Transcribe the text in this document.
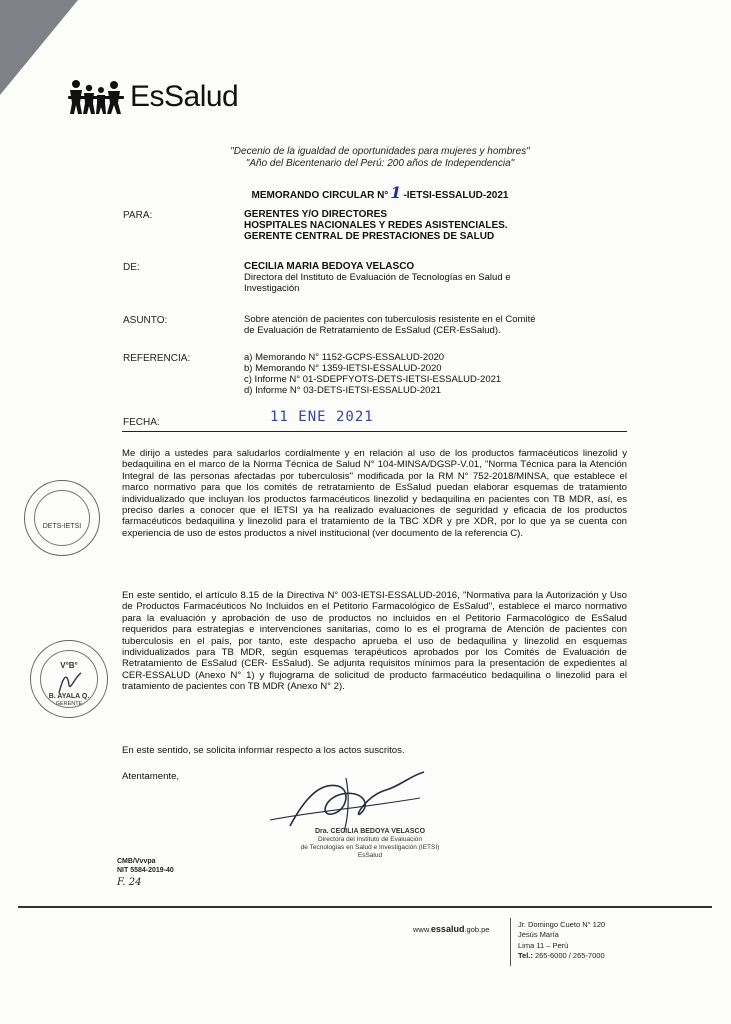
EsSalud
"Decenio de la igualdad de oportunidades para mujeres y hombres"
"Año del Bicentenario del Perú: 200 años de Independencia"
MEMORANDO CIRCULAR N° 1 -IETSI-ESSALUD-2021
PARA:	GERENTES Y/O DIRECTORES
HOSPITALES NACIONALES Y REDES ASISTENCIALES.
GERENTE CENTRAL DE PRESTACIONES DE SALUD
DE:	CECILIA MARIA BEDOYA VELASCO
Directora del Instituto de Evaluación de Tecnologías en Salud e
Investigación
ASUNTO:	Sobre atención de pacientes con tuberculosis resistente en el Comité
de Evaluación de Retratamiento de EsSalud (CER-EsSalud).
REFERENCIA:	a) Memorando N° 1152-GCPS-ESSALUD-2020
b) Memorando N° 1359-IETSI-ESSALUD-2020
c) Informe N° 01-SDEPFYOTS-DETS-IETSI-ESSALUD-2021
d) Informe N° 03-DETS-IETSI-ESSALUD-2021
FECHA:	11 ENE 2021
Me dirijo a ustedes para saludarlos cordialmente y en relación al uso de los productos farmacéuticos linezolid y bedaquilina en el marco de la Norma Técnica de Salud N° 104-MINSA/DGSP-V.01, "Norma Técnica para la Atención Integral de las personas afectadas por tuberculosis" modificada por la RM N° 752-2018/MINSA, que establece el marco normativo para que los comités de retratamiento de EsSalud puedan elaborar esquemas de tratamiento individualizado que incluyan los productos farmacéuticos linezolid y bedaquilina en pacientes con TB MDR, así, es preciso darles a conocer que el IETSI ya ha realizado evaluaciones de seguridad y eficacia de los productos farmacéuticos bedaquilina y linezolid para el tratamiento de la TBC XDR y pre XDR, por lo que ya se cuenta con experiencia de uso de estos productos a nivel institucional (ver documento de la referencia C).
En este sentido, el artículo 8.15 de la Directiva N° 003-IETSI-ESSALUD-2016, "Normativa para la Autorización y Uso de Productos Farmacéuticos No Incluidos en el Petitorio Farmacológico de EsSalud", establece el marco normativo para la evaluación y aprobación de uso de productos no incluidos en el Petitorio Farmacológico de EsSalud requeridos para estrategias e intervenciones sanitarias, como lo es el programa de Atención de pacientes con tuberculosis en el país, por tanto, este despacho aprueba el uso de bedaquilina y linezolid en esquemas individualizados para TB MDR, según esquemas terapéuticos aprobados por los Comités de Evaluación de Retratamiento de EsSalud (CER- EsSalud). Se adjunta requisitos mínimos para la presentación de expedientes al CER-ESSALUD (Anexo N° 1) y flujograma de solicitud de producto farmacéutico bedaquilina o linezolid para el tratamiento de pacientes con TB MDR (Anexo N° 2).
En este sentido, se solicita informar respecto a los actos suscritos.
Atentamente,
DETS-IETSI
V°B°
B. AYALA Q.
GERENTE
Dra. CECILIA BEDOYA VELASCO
Directora del Instituto de Evaluación
de Tecnologías en Salud e Investigación (IETSI)
EsSalud
CMB/Vvvpa
NIT 5584-2019-40
F. 24
www.essalud.gob.pe
Jr. Domingo Cueto N° 120
Jesús María
Lima 11 – Perú
Tel.: 265-6000 / 265-7000
